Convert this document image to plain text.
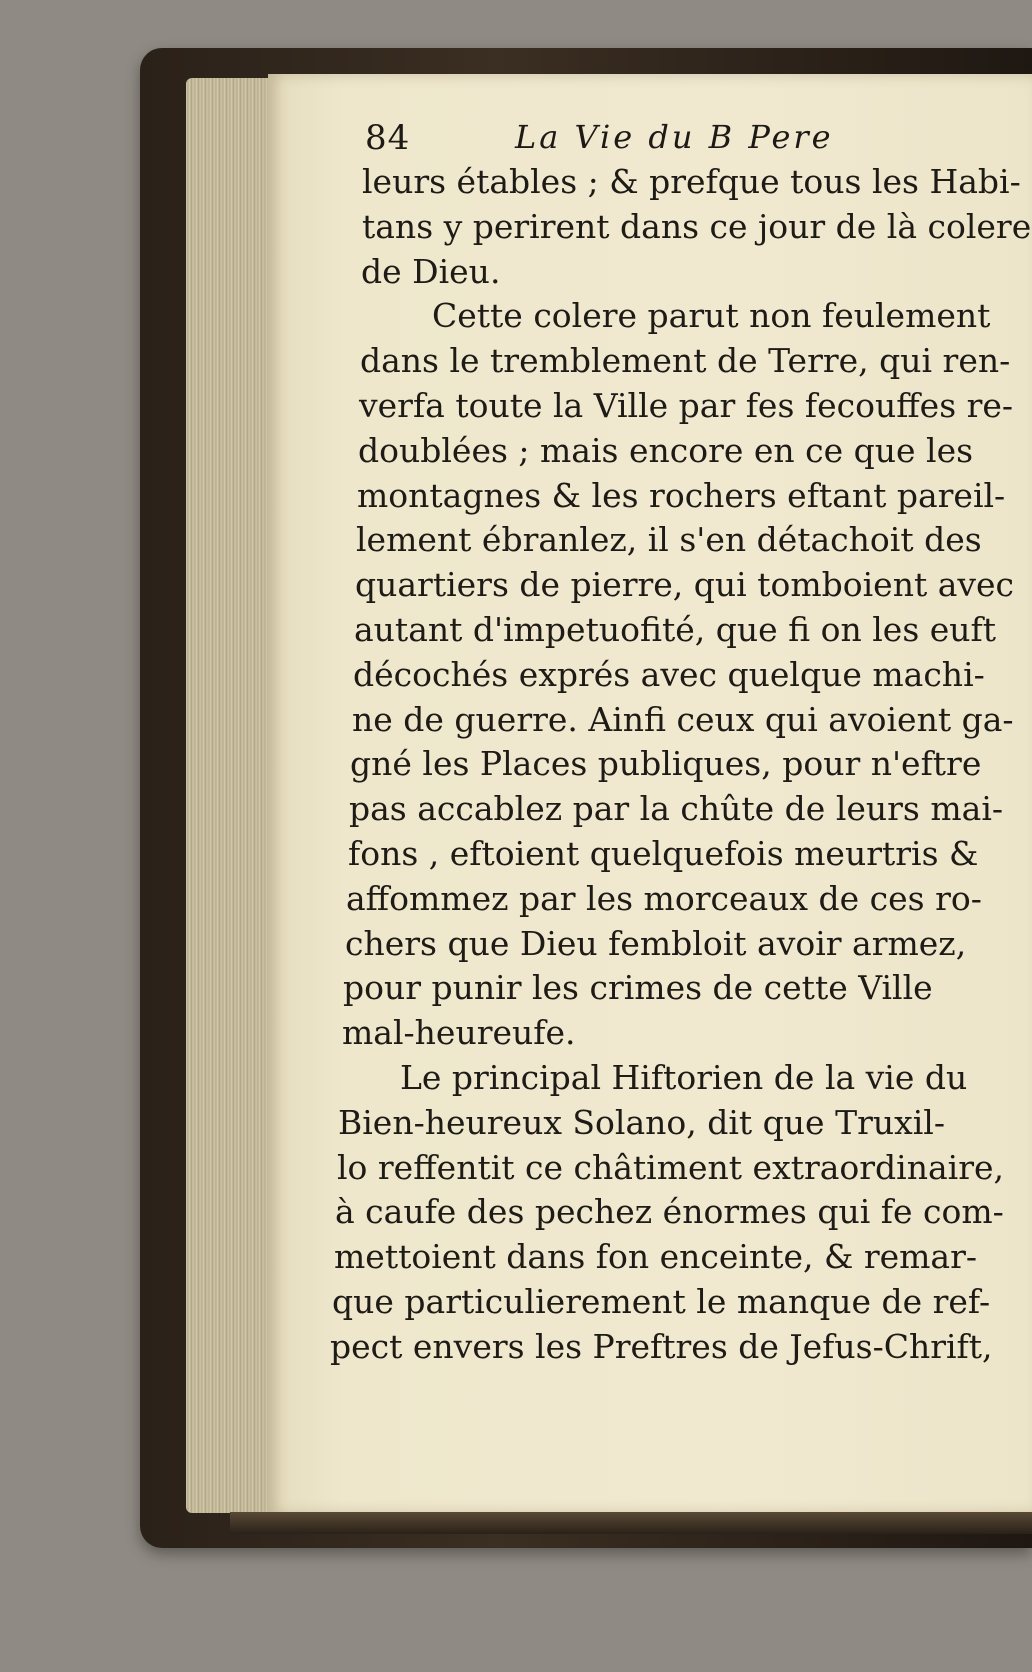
84	La Vie du B Pere
leurs étables ; & prefque tous les Habi-
tans y perirent dans ce jour de là colere
de Dieu.
Cette colere parut non feulement
dans le tremblement de Terre, qui ren-
verfa toute la Ville par fes fecouffes re-
doublées ; mais encore en ce que les
montagnes & les rochers eftant pareil-
lement ébranlez, il s'en détachoit des
quartiers de pierre, qui tomboient avec
autant d'impetuofité, que fi on les euft
décochés exprés avec quelque machi-
ne de guerre. Ainfi ceux qui avoient ga-
gné les Places publiques, pour n'eftre
pas accablez par la chûte de leurs mai-
fons , eftoient quelquefois meurtris &
affommez par les morceaux de ces ro-
chers que Dieu fembloit avoir armez,
pour punir les crimes de cette Ville
mal-heureufe.
Le principal Hiftorien de la vie du
Bien-heureux Solano, dit que Truxil-
lo reffentit ce châtiment extraordinaire,
à caufe des pechez énormes qui fe com-
mettoient dans fon enceinte, & remar-
que particulierement le manque de ref-
pect envers les Preftres de Jefus-Chrift,
